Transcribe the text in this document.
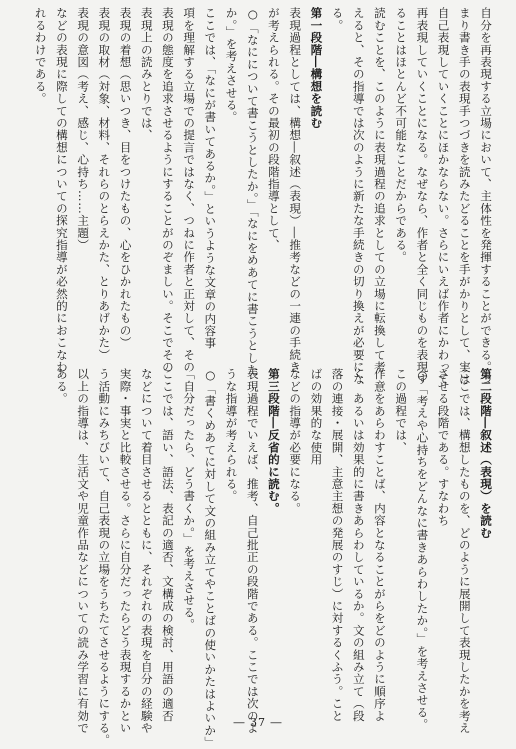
自分を再表現する立場において、主体性を発揮することができる。つ
まり書き手の表現手つづきを読みたどることを手がかりとして、実は
自己表現していくことにほかならない。さらにいえば作者にかわって
再表現していくことになる。なぜなら、作者と全く同じものを表現す
ることはほとんど不可能なことだからである。
読むことを、このように表現過程の追求としての立場に転換して考
えると、その指導では次のように新たな手続きの切り換えが必要にな
る。
第一段階―構想を読む
表現過程としては、構想―叙述（表現）―推考などの一連の手続き
が考えられる。その最初の段階指導として、
○「なにについて書こうとしたか。」「なにをめあてに書こうとした
か。」を考えさせる。
ここでは、「なにが書いてあるか。」というような文章の内容事
項を理解する立場での提言ではなく、つねに作者と正対して、その
表現の態度を追求させるようにすることがのぞましい。そこでその
表現上の読みとりでは、
表現の着想（思いつき、目をつけたもの、心をひかれたもの）
表現の取材（対象、材料、それらのとらえかた、とりあげかた）
表現の意図（考え、感じ、心持ち……主題）
などの表現に際しての構想についての探究指導が必然的におこなわ
れるわけである。
第二段階―叙述（表現）を読む
ここでは、構想したものを、どのように展開して表現したかを考え
させる段階である。すなわち
○「考えや心持ちをどんなに書きあらわしたか。」を考えさせる。
この過程では、
作意をあらわすことば、内容となることがらをどのように順序よ
く、あるいは効果的に書きあらわしているか。文の組み立て（段
落の連接・展開、主意主想の発展のすじ）に対するくふう。こと
ばの効果的な使用
などの指導が必要になる。
第三段階―反省的に読む。
表現過程でいえば、推考、自己批正の段階である。ここでは次のよ
うな指導が考えられる。
○「書くめあてに対して文の組み立てやことばの使いかたはよいか」
「自分だったら、どう書くか。」を考えさせる。
ここでは、語い、語法、表記の適否、文構成の検討、用語の適否
などについて着目させるとともに、それぞれの表現を自分の経験や
実際・事実と比較させる。さらに自分だったらどう表現するかとい
う活動にみちびいて、自己表現の立場をうちたてさせるようにする。
以上の指導は、生活文や児童作品などについての読み学習に有効で
ある。
― 37 ―
